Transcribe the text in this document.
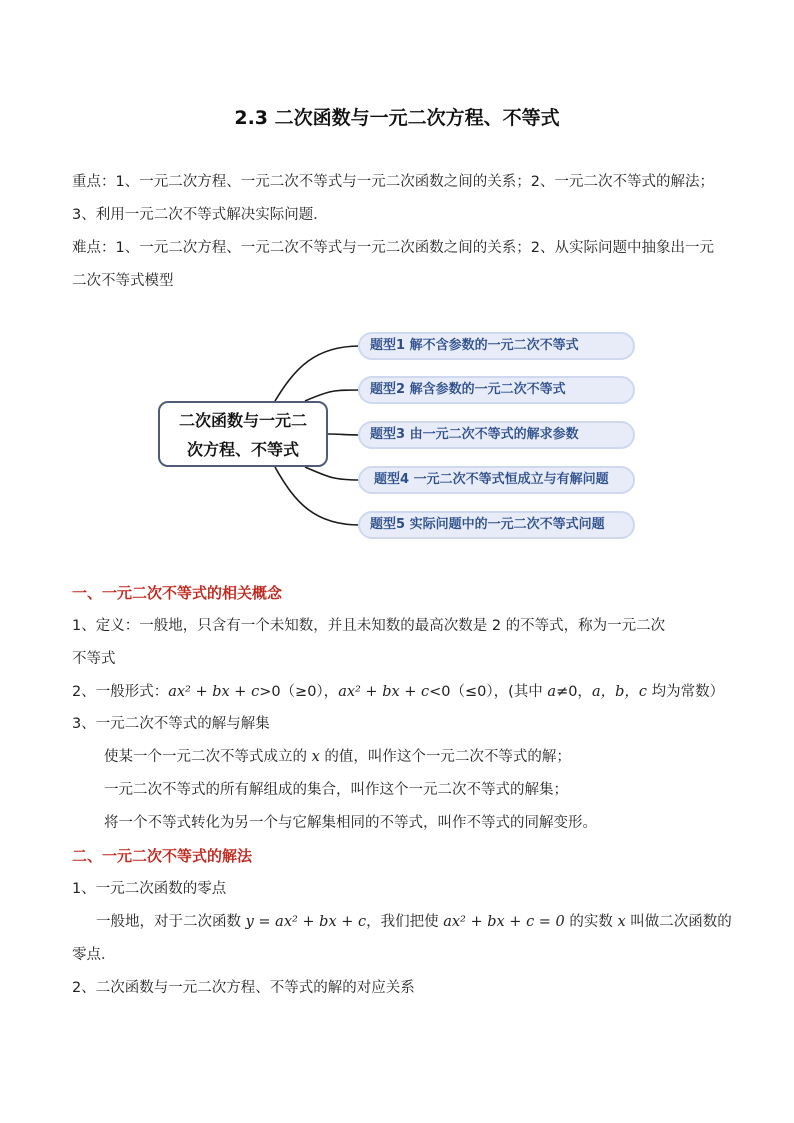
2.3 二次函数与一元二次方程、不等式
重点：1、一元二次方程、一元二次不等式与一元二次函数之间的关系；2、一元二次不等式的解法；3、利用一元二次不等式解决实际问题．
难点：1、一元二次方程、一元二次不等式与一元二次函数之间的关系；2、从实际问题中抽象出一元二次不等式模型
二次函数与一元二
次方程、不等式
题型1 解不含参数的一元二次不等式
题型2 解含参数的一元二次不等式
题型3 由一元二次不等式的解求参数
题型4 一元二次不等式恒成立与有解问题
题型5 实际问题中的一元二次不等式问题
一、一元二次不等式的相关概念
1、定义：一般地，只含有一个未知数，并且未知数的最高次数是 2 的不等式，称为一元二次
不等式
2、一般形式：ax² + bx + c>0（≥0），ax² + bx + c<0（≤0），(其中 a≠0，a，b，c 均为常数）
3、一元二次不等式的解与解集
使某一个一元二次不等式成立的 x 的值，叫作这个一元二次不等式的解；
一元二次不等式的所有解组成的集合，叫作这个一元二次不等式的解集；
将一个不等式转化为另一个与它解集相同的不等式，叫作不等式的同解变形。
二、一元二次不等式的解法
1、一元二次函数的零点
一般地，对于二次函数 y = ax² + bx + c，我们把使 ax² + bx + c = 0 的实数 x 叫做二次函数的
零点．
2、二次函数与一元二次方程、不等式的解的对应关系
